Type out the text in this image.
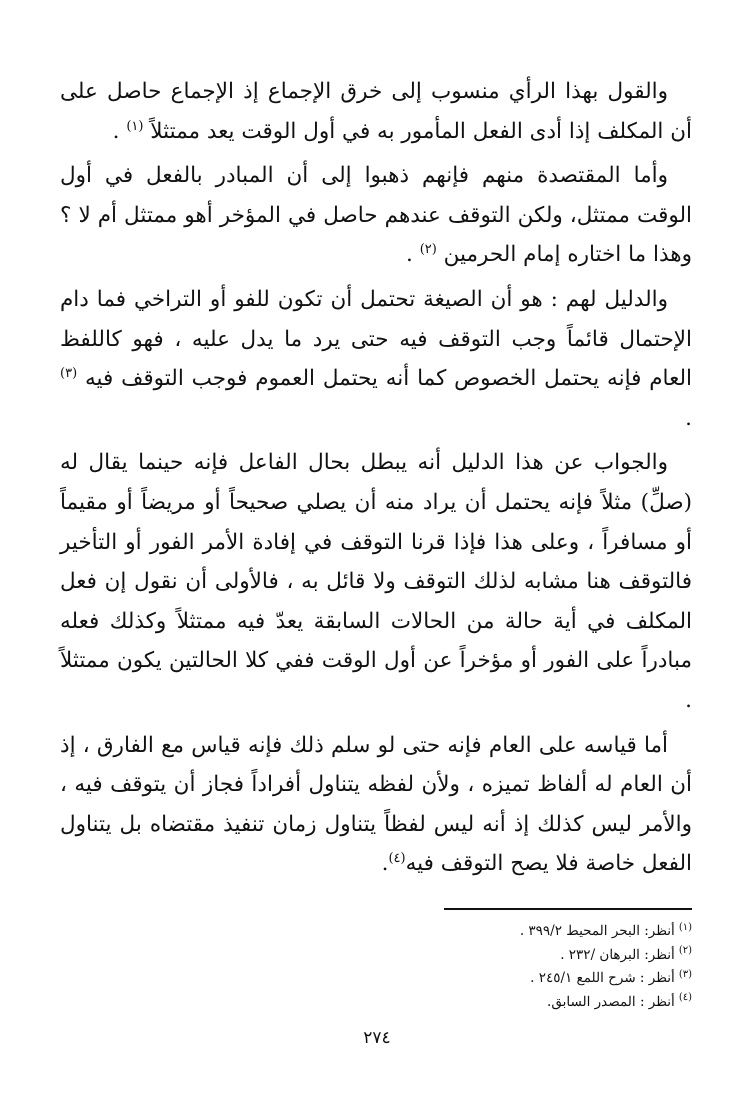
والقول بهذا الرأي منسوب إلى خرق الإجماع إذ الإجماع حاصل على أن المكلف إذا أدى الفعل المأمور به في أول الوقت يعد ممتثلاً $^{(١)}$ .

وأما المقتصدة منهم فإنهم ذهبوا إلى أن المبادر بالفعل في أول الوقت ممتثل، ولكن التوقف عندهم حاصل في المؤخر أهو ممتثل أم لا ؟ وهذا ما اختاره إمام الحرمين $^{(٢)}$ .

والدليل لهم : هو أن الصيغة تحتمل أن تكون للفو أو التراخي فما دام الإحتمال قائماً وجب التوقف فيه حتى يرد ما يدل عليه ، فهو كاللفظ العام فإنه يحتمل الخصوص كما أنه يحتمل العموم فوجب التوقف فيه $^{(٣)}$ .

والجواب عن هذا الدليل أنه يبطل بحال الفاعل فإنه حينما يقال له (صلِّ) مثلاً فإنه يحتمل أن يراد منه أن يصلي صحيحاً أو مريضاً أو مقيماً أو مسافراً ، وعلى هذا فإذا قرنا التوقف في إفادة الأمر الفور أو التأخير فالتوقف هنا مشابه لذلك التوقف ولا قائل به ، فالأولى أن نقول إن فعل المكلف في أية حالة من الحالات السابقة يعدّ فيه ممتثلاً وكذلك فعله مبادراً على الفور أو مؤخراً عن أول الوقت ففي كلا الحالتين يكون ممتثلاً .

أما قياسه على العام فإنه حتى لو سلم ذلك فإنه قياس مع الفارق ، إذ أن العام له ألفاظ تميزه ، ولأن لفظه يتناول أفراداً فجاز أن يتوقف فيه ، والأمر ليس كذلك إذ أنه ليس لفظاً يتناول زمان تنفيذ مقتضاه بل يتناول الفعل خاصة فلا يصح التوقف فيه$^{(٤)}$.

$^{(١)}$أنظر: البحر المحيط ٣٩٩/٢ .

$^{(٢)}$أنظر: البرهان /٢٣٢ .

$^{(٣)}$أنظر : شرح اللمع ٢٤٥/١ .

$^{(٤)}$أنظر : المصدر السابق.

٢٧٤
